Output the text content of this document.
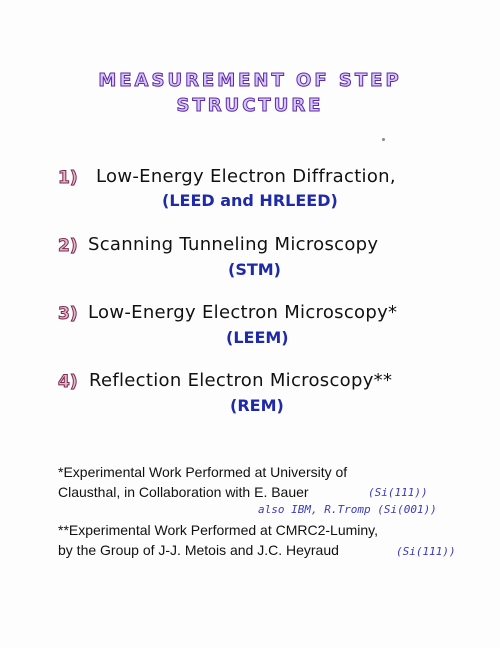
MEASUREMENT OF STEP
STRUCTURE
1) Low-Energy Electron Diffraction,
(LEED and HRLEED)
2) Scanning Tunneling Microscopy
(STM)
3) Low-Energy Electron Microscopy*
(LEEM)
4) Reflection Electron Microscopy**
(REM)
*Experimental Work Performed at University of
Clausthal, in Collaboration with E. Bauer	(Si(111))
also IBM, R.Tromp (Si(001))
**Experimental Work Performed at CMRC2-Luminy,
by the Group of J-J. Metois and J.C. Heyraud	(Si(111))
